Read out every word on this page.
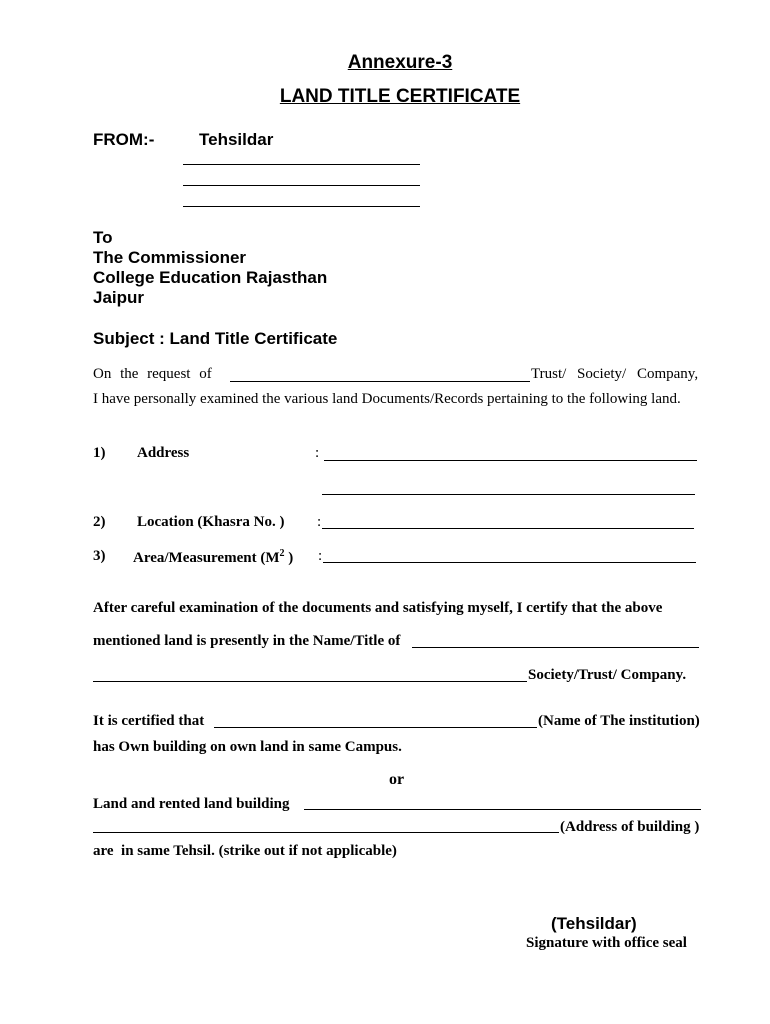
Annexure-3
LAND TITLE CERTIFICATE
FROM:-	Tehsildar
To
The Commissioner
College Education Rajasthan
Jaipur
Subject : Land Title Certificate
On the request of	Trust/ Society/ Company,
I have personally examined the various land Documents/Records pertaining to the following land.
1) Address	:
2) Location (Khasra No. ) :
3) Area/Measurement ($M^2$ ) :
After careful examination of the documents and satisfying myself, I certify that the above
mentioned land is presently in the Name/Title of
Society/Trust/ Company.
It is certified that	(Name of The institution)
has Own building on own land in same Campus.
or
Land and rented land building
(Address of building )
are  in same Tehsil. (strike out if not applicable)
(Tehsildar)
Signature with office seal
